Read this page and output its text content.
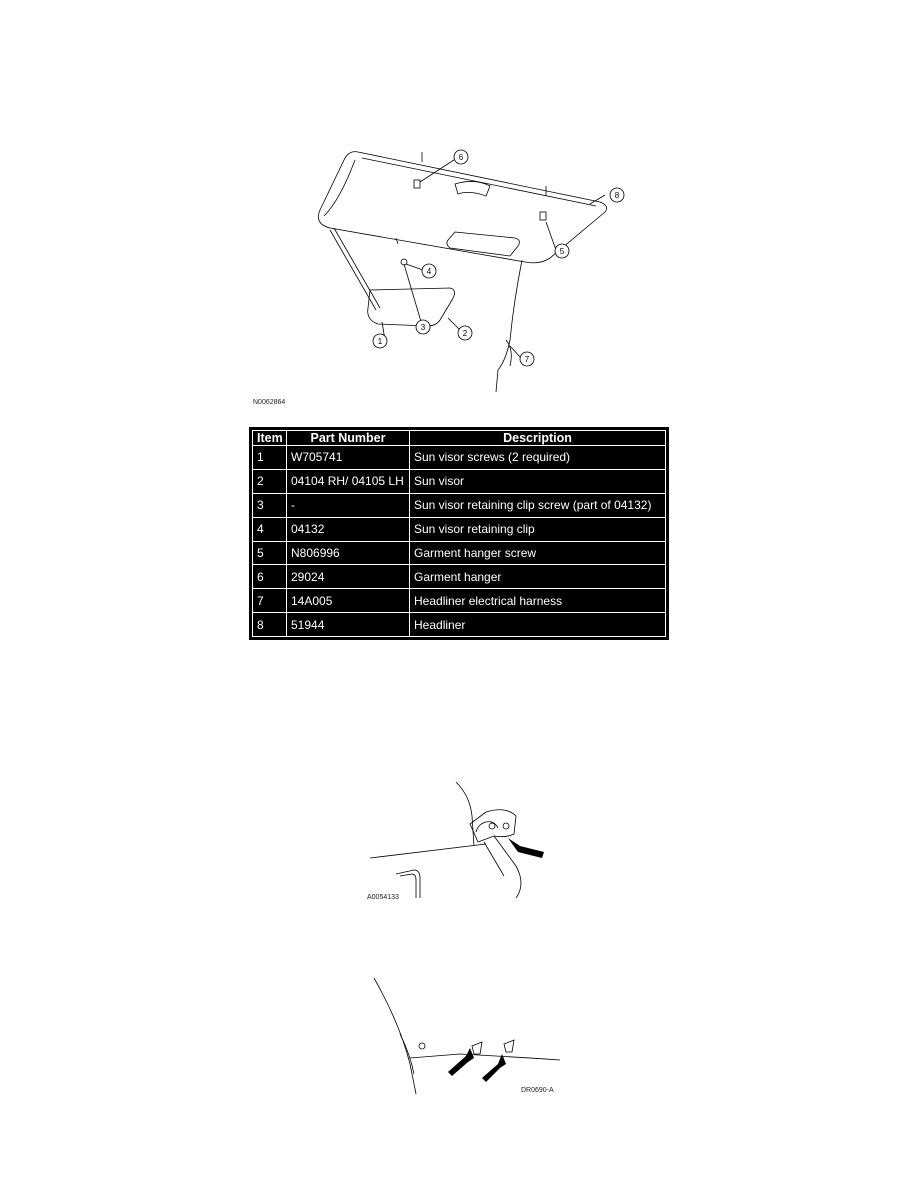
1
2
3
4
5
6
7
8
N0062864
Item	Part Number	Description
1	W705741	Sun visor screws (2 required)
2	04104 RH/ 04105 LH	Sun visor
3	-	Sun visor retaining clip screw (part of 04132)
4	04132	Sun visor retaining clip
5	N806996	Garment hanger screw
6	29024	Garment hanger
7	14A005	Headliner electrical harness
8	51944	Headliner
A0054133
DR0690-A
